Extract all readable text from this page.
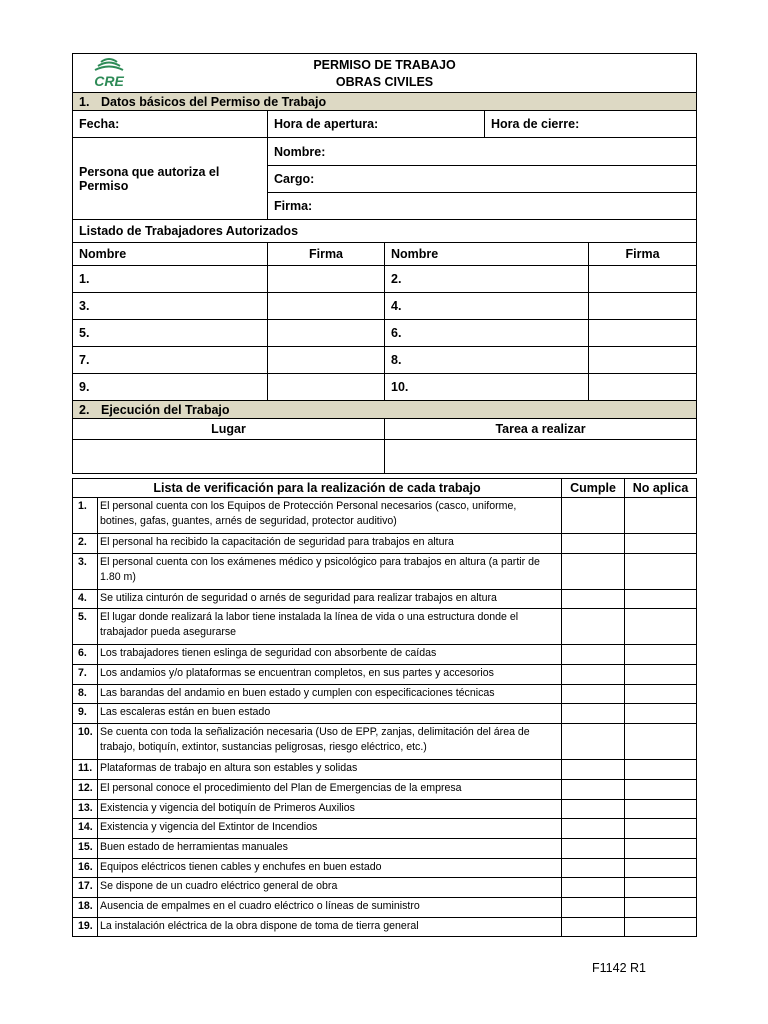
CRE
PERMISO DE TRABAJO
OBRAS CIVILES				

1. Datos básicos del Permiso de Trabajo				
Fecha:	Hora de apertura:		Hora de cierre:	
Persona que autoriza el Permiso	Nombre:			
	Cargo:			
	Firma:			
Listado de Trabajadores Autorizados				
Nombre	Firma	Nombre		Firma
1.		2.		
3.		4.		
5.		6.		
7.		8.		
9.		10.		
2. Ejecución del Trabajo				
Lugar		Tarea a realizar		

Lista de verificación para la realización de cada trabajo		Cumple	No aplica
1.	El personal cuenta con los Equipos de Protección Personal necesarios (casco, uniforme, botines, gafas, guantes, arnés de seguridad, protector auditivo)		
2.	El personal ha recibido la capacitación de seguridad para trabajos en altura		
3.	El personal cuenta con los exámenes médico y psicológico para trabajos en altura (a partir de 1.80 m)		
4.	Se utiliza cinturón de seguridad o arnés de seguridad para realizar trabajos en altura		
5.	El lugar donde realizará la labor tiene instalada la línea de vida o una estructura donde el trabajador pueda asegurarse		
6.	Los trabajadores tienen eslinga de seguridad con absorbente de caídas		
7.	Los andamios y/o plataformas se encuentran completos, en sus partes y accesorios		
8.	Las barandas del andamio en buen estado y cumplen con especificaciones técnicas		
9.	Las escaleras están en buen estado		
10.	Se cuenta con toda la señalización necesaria (Uso de EPP, zanjas, delimitación del área de trabajo, botiquín, extintor, sustancias peligrosas, riesgo eléctrico, etc.)		
11.	Plataformas de trabajo en altura son estables y solidas		
12.	El personal conoce el procedimiento del Plan de Emergencias de la empresa		
13.	Existencia y vigencia del botiquín de Primeros Auxilios		
14.	Existencia y vigencia del Extintor de Incendios		
15.	Buen estado de herramientas manuales		
16.	Equipos eléctricos tienen cables y enchufes en buen estado		
17.	Se dispone de un cuadro eléctrico general de obra		
18.	Ausencia de empalmes en el cuadro eléctrico o líneas de suministro		
19.	La instalación eléctrica de la obra dispone de toma de tierra general		
F1142 R1
